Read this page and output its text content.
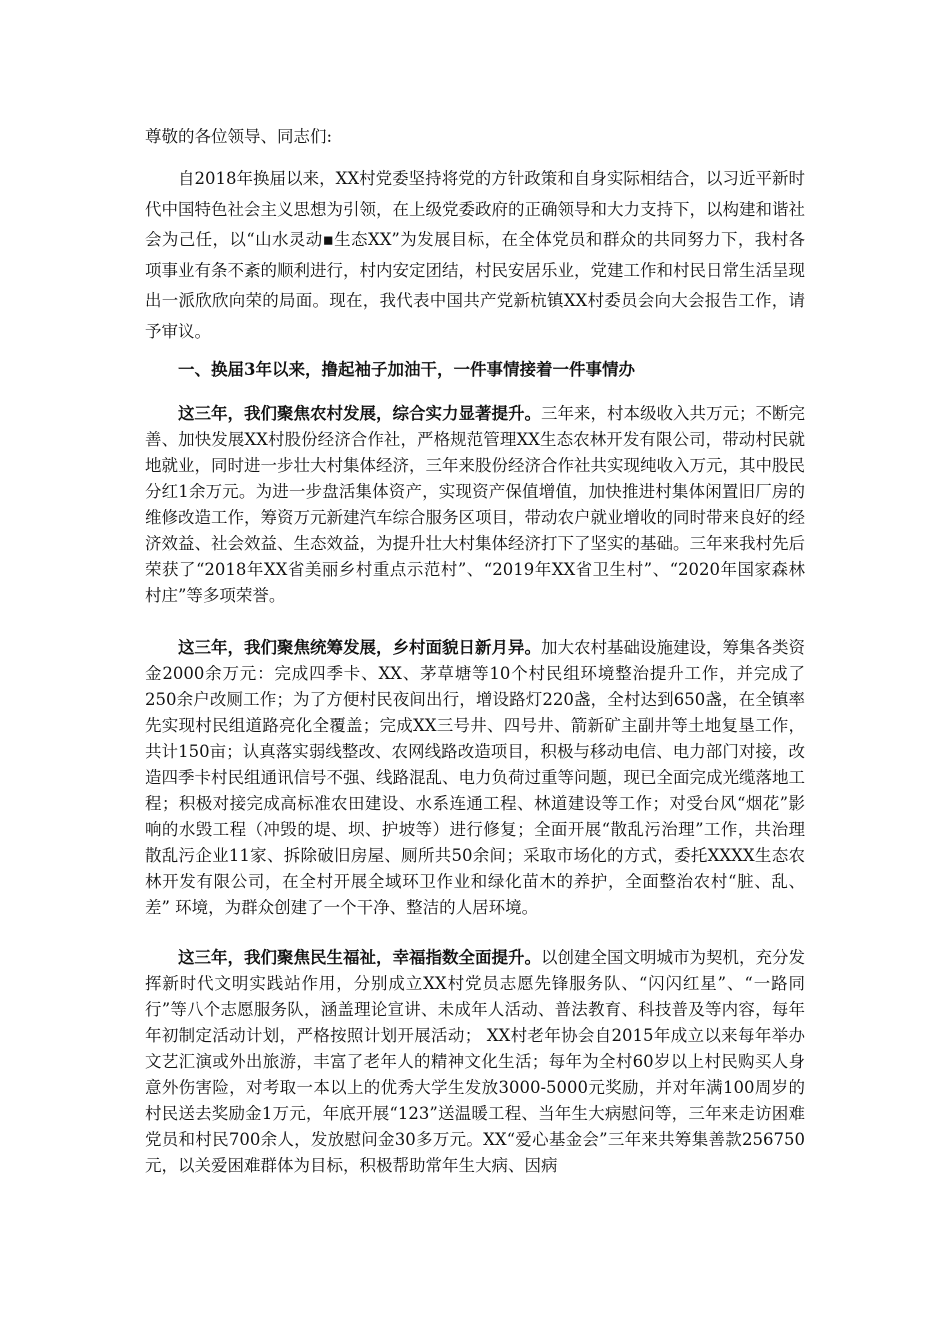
尊敬的各位领导、同志们:

自2018年换届以来，XX村党委坚持将党的方针政策和自身实际相结合，以习近平新时代中国特色社会主义思想为引领，在上级党委政府的正确领导和大力支持下，以构建和谐社会为己任，以“山水灵动▪生态XX”为发展目标，在全体党员和群众的共同努力下，我村各项事业有条不紊的顺利进行，村内安定团结，村民安居乐业，党建工作和村民日常生活呈现出一派欣欣向荣的局面。现在，我代表中国共产党新杭镇XX村委员会向大会报告工作，请予审议。

一、换届3年以来，撸起袖子加油干，一件事情接着一件事情办

这三年，我们聚焦农村发展，综合实力显著提升。三年来，村本级收入共万元；不断完善、加快发展XX村股份经济合作社，严格规范管理XX生态农林开发有限公司，带动村民就地就业，同时进一步壮大村集体经济，三年来股份经济合作社共实现纯收入万元，其中股民分红1余万元。为进一步盘活集体资产，实现资产保值增值，加快推进村集体闲置旧厂房的维修改造工作，筹资万元新建汽车综合服务区项目，带动农户就业增收的同时带来良好的经济效益、社会效益、生态效益，为提升壮大村集体经济打下了坚实的基础。三年来我村先后荣获了“2018年XX省美丽乡村重点示范村”、“2019年XX省卫生村”、“2020年国家森林村庄”等多项荣誉。

这三年，我们聚焦统筹发展，乡村面貌日新月异。加大农村基础设施建设，筹集各类资金2000余万元：完成四季卡、XX、茅草塘等10个村民组环境整治提升工作，并完成了250余户改厕工作；为了方便村民夜间出行，增设路灯220盏，全村达到650盏，在全镇率先实现村民组道路亮化全覆盖；完成XX三号井、四号井、箭新矿主副井等土地复垦工作，共计150亩；认真落实弱线整改、农网线路改造项目，积极与移动电信、电力部门对接，改造四季卡村民组通讯信号不强、线路混乱、电力负荷过重等问题，现已全面完成光缆落地工程；积极对接完成高标准农田建设、水系连通工程、林道建设等工作；对受台风“烟花”影响的水毁工程（冲毁的堤、坝、护坡等）进行修复；全面开展“散乱污治理”工作，共治理散乱污企业11家、拆除破旧房屋、厕所共50余间；采取市场化的方式，委托XXXX生态农林开发有限公司，在全村开展全域环卫作业和绿化苗木的养护，全面整治农村“脏、乱、差” 环境，为群众创建了一个干净、整洁的人居环境。

这三年，我们聚焦民生福祉，幸福指数全面提升。以创建全国文明城市为契机，充分发挥新时代文明实践站作用，分别成立XX村党员志愿先锋服务队、“闪闪红星”、“一路同行”等八个志愿服务队，涵盖理论宣讲、未成年人活动、普法教育、科技普及等内容，每年年初制定活动计划，严格按照计划开展活动； XX村老年协会自2015年成立以来每年举办文艺汇演或外出旅游，丰富了老年人的精神文化生活；每年为全村60岁以上村民购买人身意外伤害险，对考取一本以上的优秀大学生发放3000-5000元奖励，并对年满100周岁的村民送去奖励金1万元，年底开展“123”送温暖工程、当年生大病慰问等，三年来走访困难党员和村民700余人，发放慰问金30多万元。XX“爱心基金会”三年来共筹集善款256750元，以关爱困难群体为目标，积极帮助常年生大病、因病
